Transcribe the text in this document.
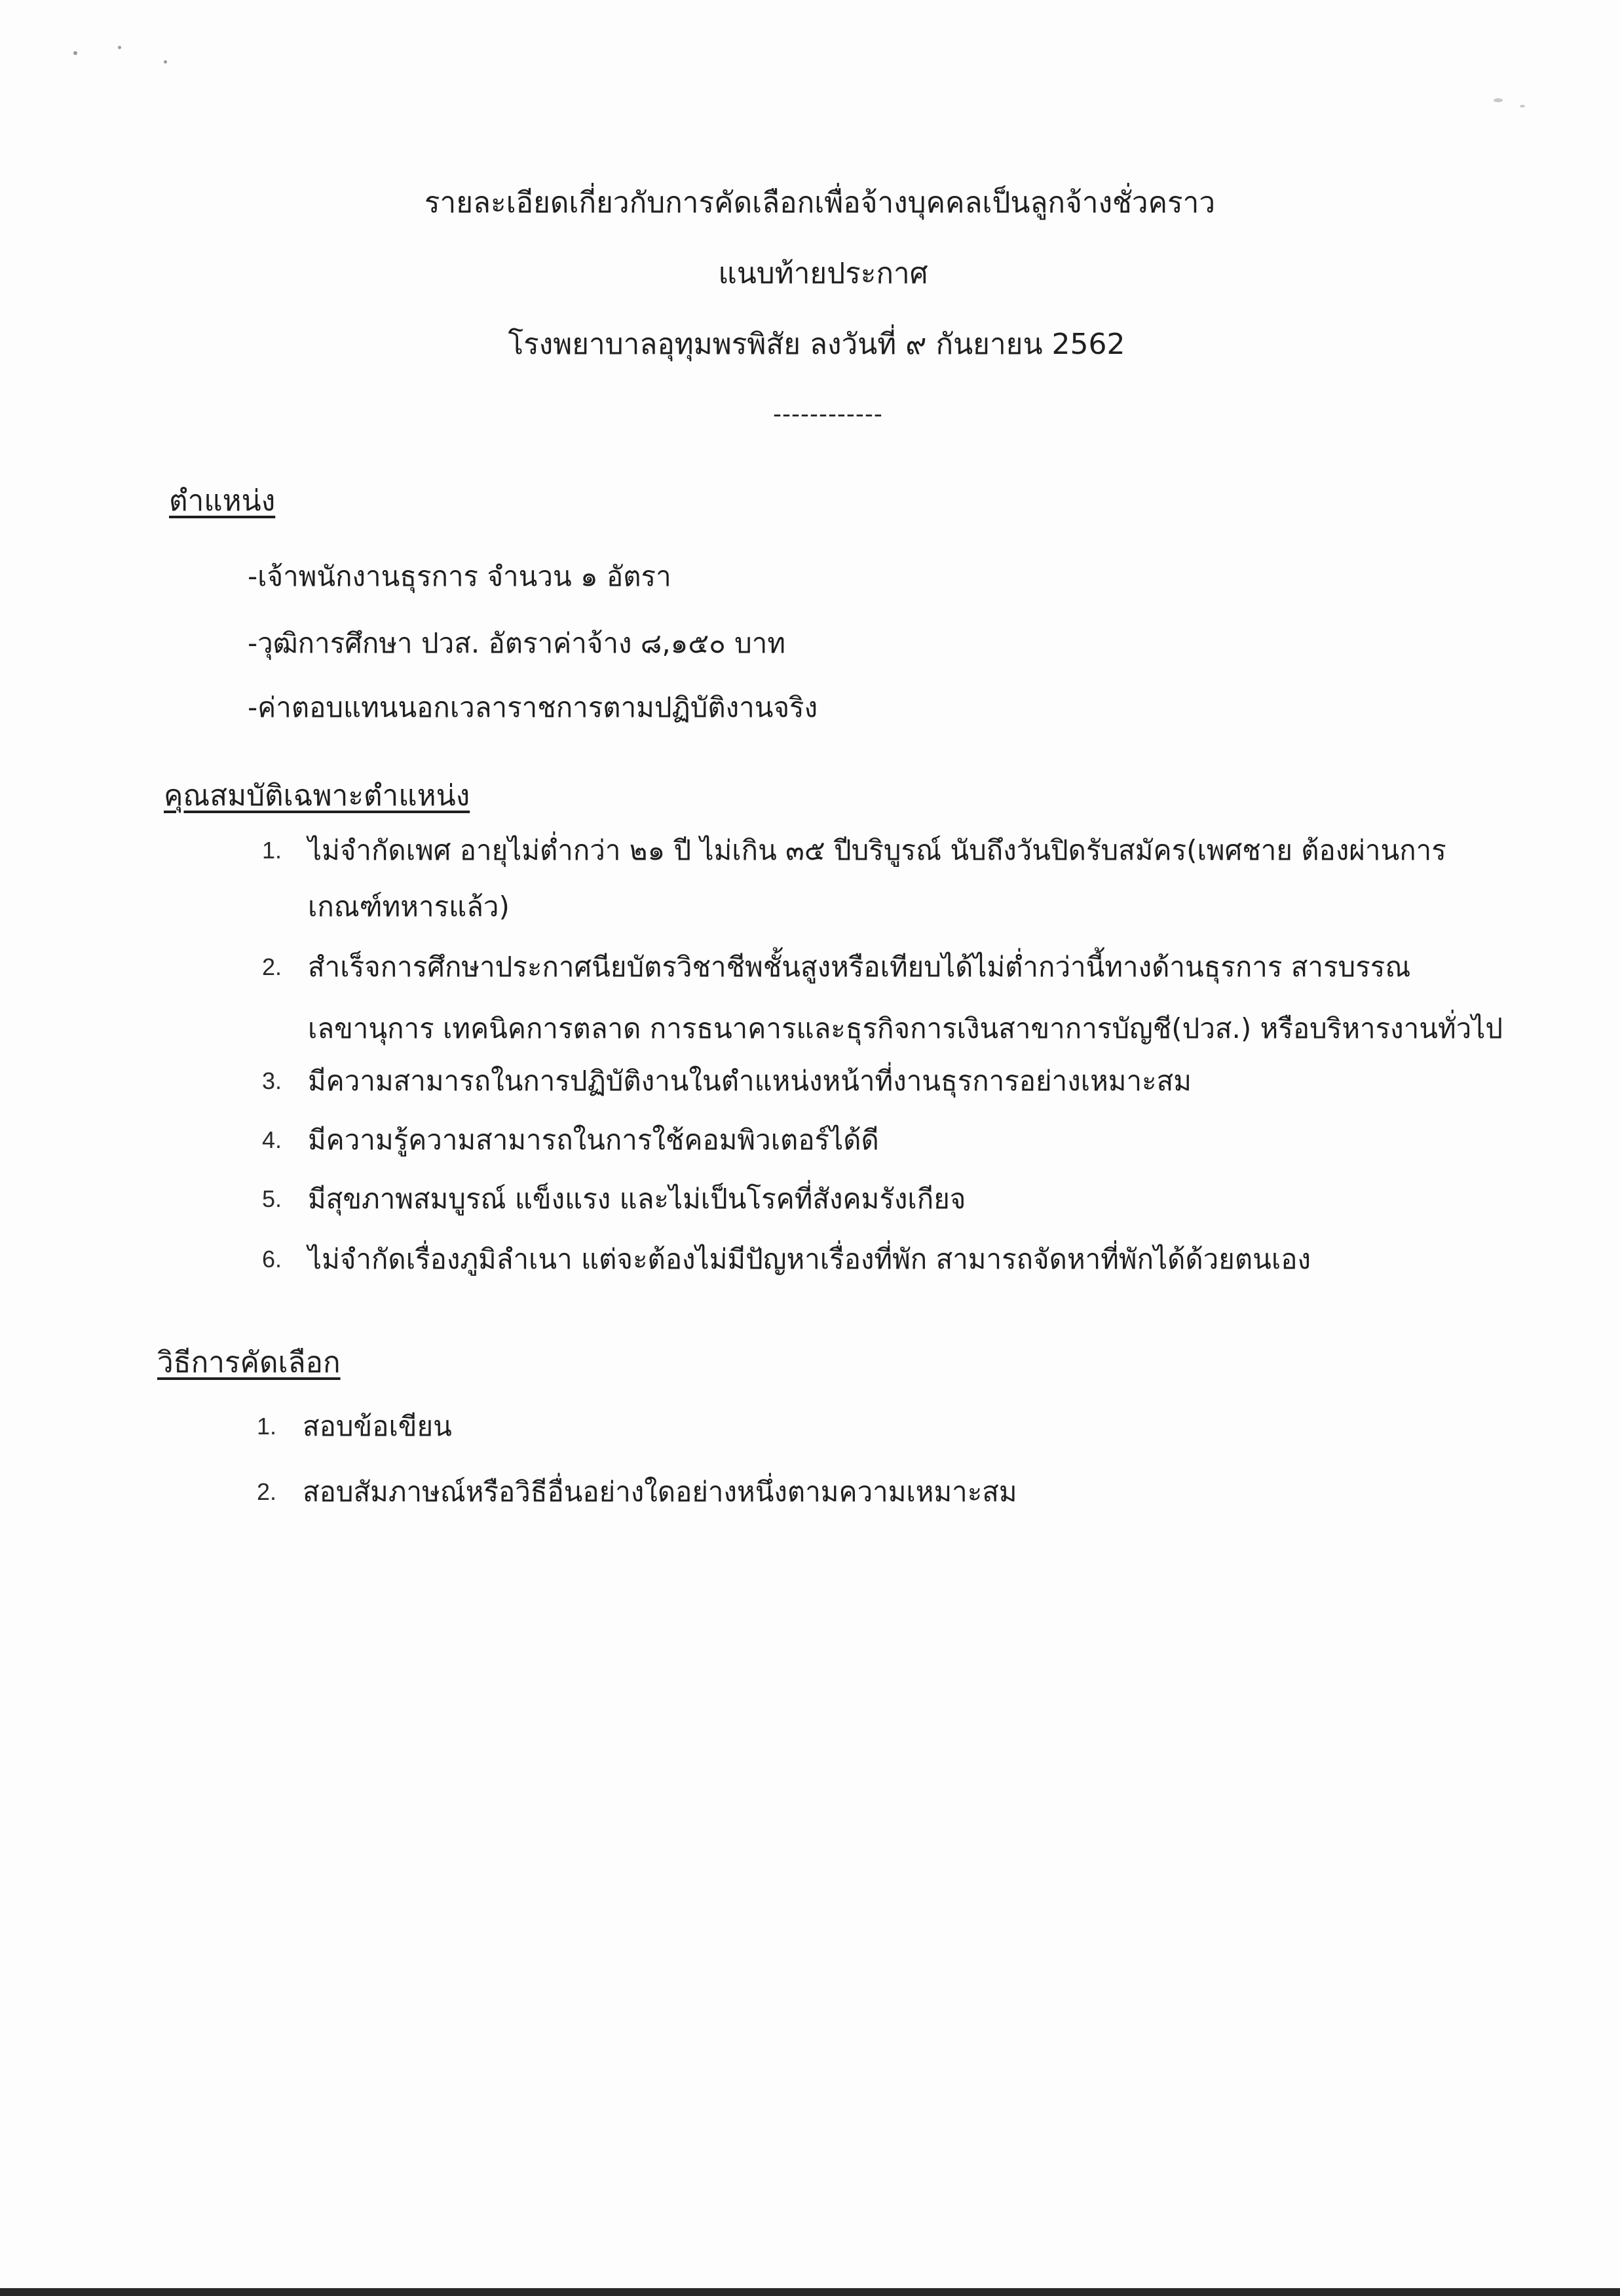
รายละเอียดเกี่ยวกับการคัดเลือกเพื่อจ้างบุคคลเป็นลูกจ้างชั่วคราว
แนบท้ายประกาศ
โรงพยาบาลอุทุมพรพิสัย ลงวันที่ ๙ กันยายน 2562
------------
ตำแหน่ง
-เจ้าพนักงานธุรการ จำนวน ๑ อัตรา
-วุฒิการศึกษา ปวส. อัตราค่าจ้าง ๘,๑๕๐ บาท
-ค่าตอบแทนนอกเวลาราชการตามปฏิบัติงานจริง
คุณสมบัติเฉพาะตำแหน่ง
1. ไม่จำกัดเพศ อายุไม่ต่ำกว่า ๒๑ ปี ไม่เกิน ๓๕ ปีบริบูรณ์ นับถึงวันปิดรับสมัคร(เพศชาย ต้องผ่านการ
เกณฑ์ทหารแล้ว)
2. สำเร็จการศึกษาประกาศนียบัตรวิชาชีพชั้นสูงหรือเทียบได้ไม่ต่ำกว่านี้ทางด้านธุรการ สารบรรณ
เลขานุการ เทคนิคการตลาด การธนาคารและธุรกิจการเงินสาขาการบัญชี(ปวส.) หรือบริหารงานทั่วไป
3. มีความสามารถในการปฏิบัติงานในตำแหน่งหน้าที่งานธุรการอย่างเหมาะสม
4. มีความรู้ความสามารถในการใช้คอมพิวเตอร์ได้ดี
5. มีสุขภาพสมบูรณ์ แข็งแรง และไม่เป็นโรคที่สังคมรังเกียจ
6. ไม่จำกัดเรื่องภูมิลำเนา แต่จะต้องไม่มีปัญหาเรื่องที่พัก สามารถจัดหาที่พักได้ด้วยตนเอง
วิธีการคัดเลือก
1. สอบข้อเขียน
2. สอบสัมภาษณ์หรือวิธีอื่นอย่างใดอย่างหนึ่งตามความเหมาะสม
